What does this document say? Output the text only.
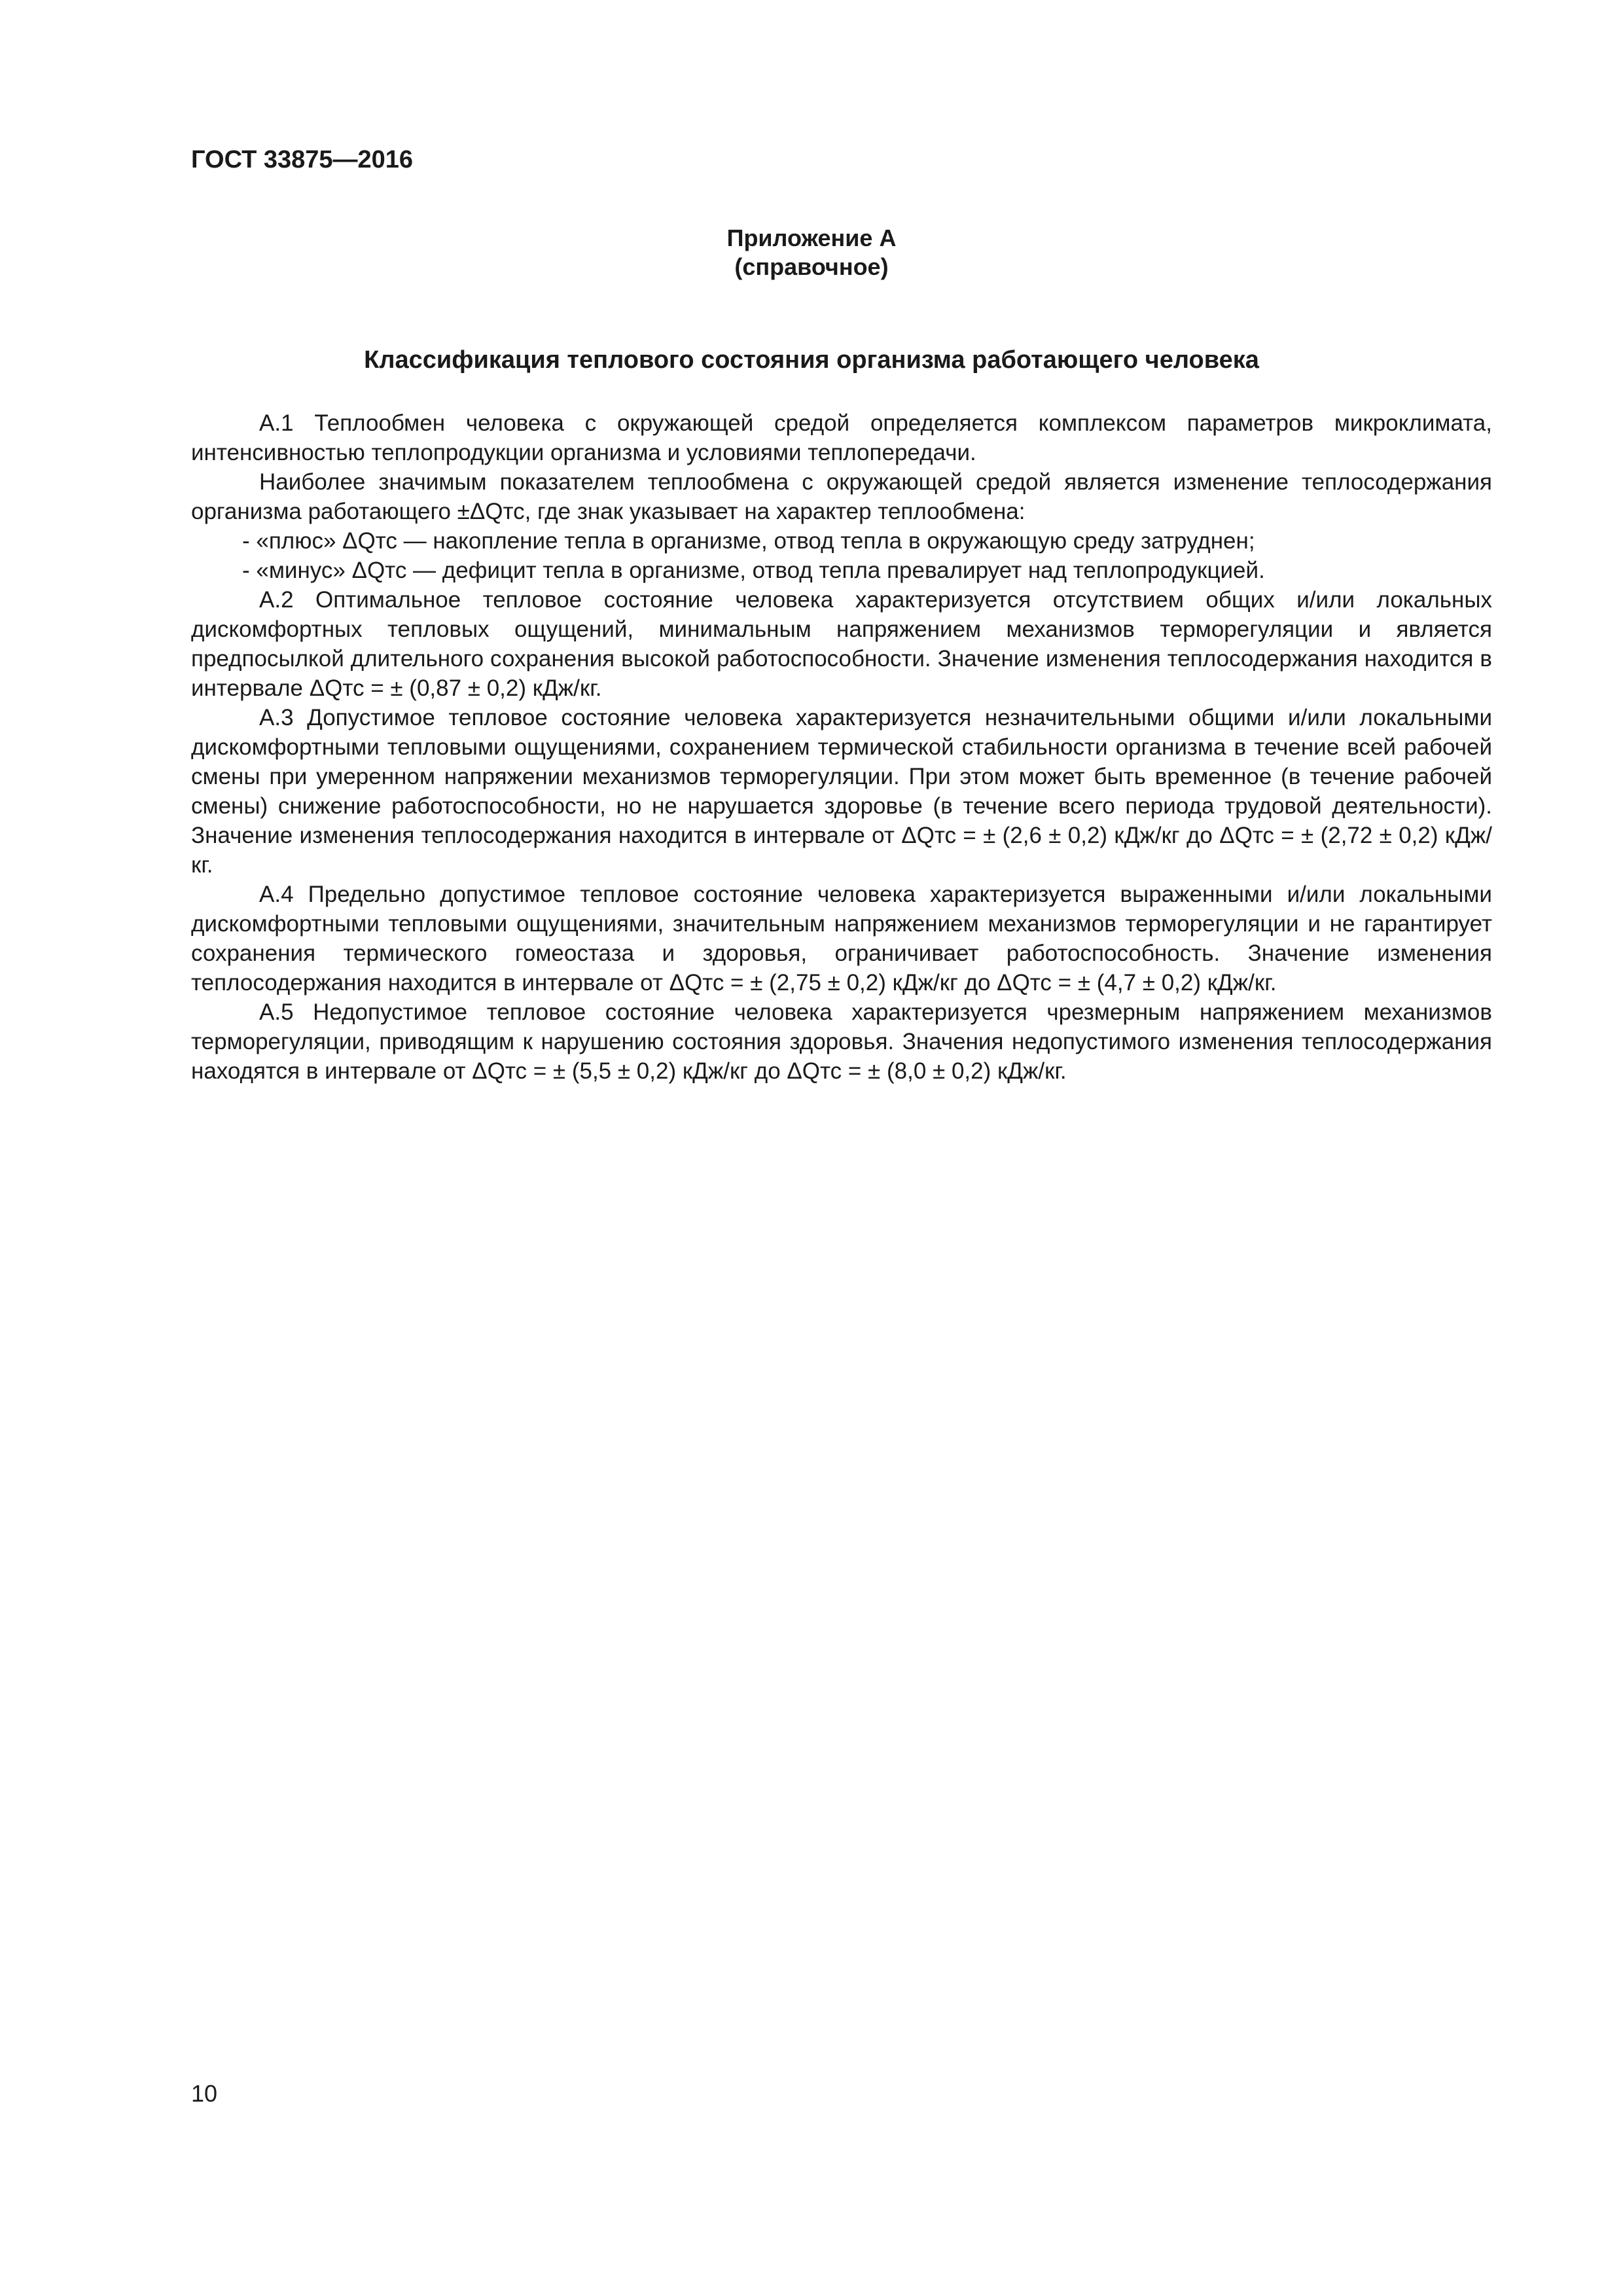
ГОСТ 33875—2016
Приложение А
(справочное)
Классификация теплового состояния организма работающего человека

А.1 Теплообмен человека с окружающей средой определяется комплексом параметров микроклимата, интенсивностью теплопродукции организма и условиями теплопередачи.

Наиболее значимым показателем теплообмена с окружающей средой является изменение теплосодержания организма работающего ±ΔQтс, где знак указывает на характер теплообмена:

- «плюс» ΔQтс — накопление тепла в организме, отвод тепла в окружающую среду затруднен;

- «минус» ΔQтс — дефицит тепла в организме, отвод тепла превалирует над теплопродукцией.

А.2 Оптимальное тепловое состояние человека характеризуется отсутствием общих и/или локальных дискомфортных тепловых ощущений, минимальным напряжением механизмов терморегуляции и является предпосылкой длительного сохранения высокой работоспособности. Значение изменения теплосодержания находится в интервале ΔQтс = ± (0,87 ± 0,2) кДж/кг.

А.3 Допустимое тепловое состояние человека характеризуется незначительными общими и/или локальными дискомфортными тепловыми ощущениями, сохранением термической стабильности организма в течение всей рабочей смены при умеренном напряжении механизмов терморегуляции. При этом может быть временное (в течение рабочей смены) снижение работоспособности, но не нарушается здоровье (в течение всего периода трудовой деятельности). Значение изменения теплосодержания находится в интервале от ΔQтс = ± (2,6 ± 0,2) кДж/кг до ΔQтс = ± (2,72 ± 0,2) кДж/кг.

А.4 Предельно допустимое тепловое состояние человека характеризуется выраженными и/или локальными дискомфортными тепловыми ощущениями, значительным напряжением механизмов терморегуляции и не гарантирует сохранения термического гомеостаза и здоровья, ограничивает работоспособность. Значение изменения теплосодержания находится в интервале от ΔQтс = ± (2,75 ± 0,2) кДж/кг до ΔQтс = ± (4,7 ± 0,2) кДж/кг.

А.5 Недопустимое тепловое состояние человека характеризуется чрезмерным напряжением механизмов терморегуляции, приводящим к нарушению состояния здоровья. Значения недопустимого изменения теплосодержания находятся в интервале от ΔQтс = ± (5,5 ± 0,2) кДж/кг до ΔQтс = ± (8,0 ± 0,2) кДж/кг.

10
